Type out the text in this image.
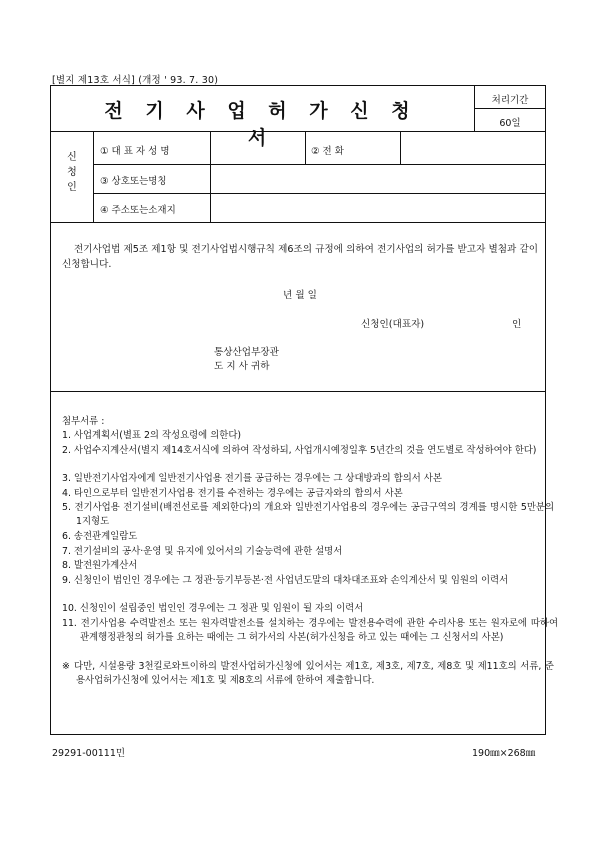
[별지 제13호 서식] (개정 ' 93. 7. 30)
전 기 사 업 허 가 신 청 서
처리기간
60일
신
청
인
① 대 표 자 성 명	② 전 화
③ 상호또는명칭
④ 주소또는소재지
전기사업법 제5조 제1항 및 전기사업법시행규칙 제6조의 규정에 의하여 전기사업의 허가를 받고자 별첨과 같이 신청합니다.
년 월 일
신청인(대표자)	인
통상산업부장관
도 지 사 귀하
첨부서류 :
1. 사업계획서(별표 2의 작성요령에 의한다)
2. 사업수지계산서(별지 제14호서식에 의하여 작성하되, 사업개시예정일후 5년간의 것을 연도별로 작성하여야 한다)
3. 일반전기사업자에게 일반전기사업용 전기를 공급하는 경우에는 그 상대방과의 합의서 사본
4. 타인으로부터 일반전기사업용 전기를 수전하는 경우에는 공급자와의 합의서 사본
5. 전기사업용 전기설비(배전선로를 제외한다)의 개요와 일반전기사업용의 경우에는 공급구역의 경계를 명시한 5만분의 1지형도
6. 송전관계일람도
7. 전기설비의 공사·운영 및 유지에 있어서의 기술능력에 관한 설명서
8. 발전원가계산서
9. 신청인이 법인인 경우에는 그 정관·등기부등본·전 사업년도말의 대차대조표와 손익계산서 및 임원의 이력서
10. 신청인이 설립중인 법인인 경우에는 그 정관 및 임원이 될 자의 이력서
11. 전기사업용 수력발전소 또는 원자력발전소를 설치하는 경우에는 발전용수력에 관한 수리사용 또는 원자로에 따하여 관계행정관청의 허가를 요하는 때에는 그 허가서의 사본(허가신청을 하고 있는 때에는 그 신청서의 사본)
※ 다만, 시설용량 3천킬로와트이하의 발전사업허가신청에 있어서는 제1호, 제3호, 제7호, 제8호 및 제11호의 서류, 준용사업허가신청에 있어서는 제1호 및 제8호의 서류에 한하여 제출합니다.
29291-00111민	190㎜×268㎜
